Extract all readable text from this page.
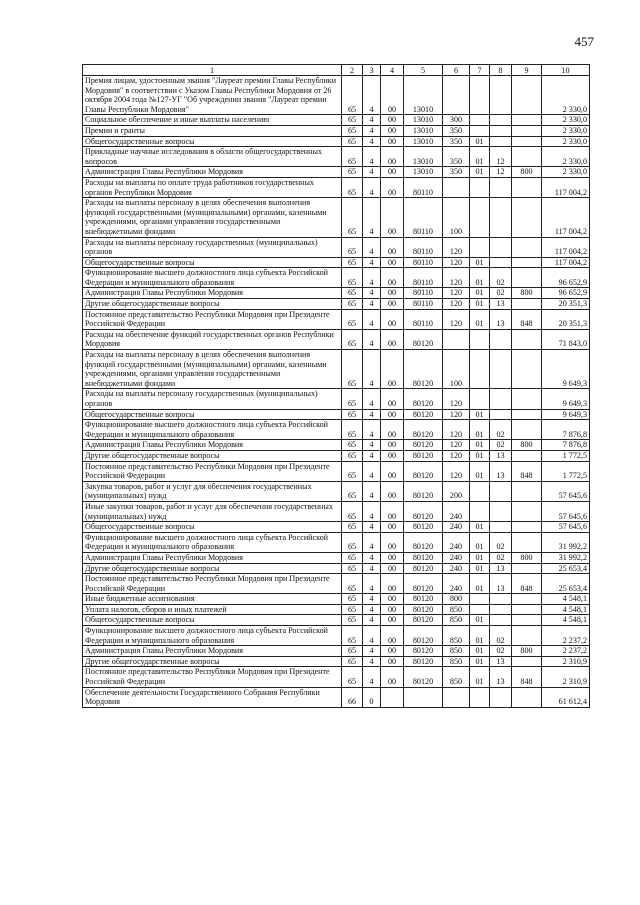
457
1	2	3	4	5	6	7	8	9	10
Премия лицам, удостоенным звания "Лауреат премии Главы Республики Мордовия" в соответствии с Указом Главы Республики Мордовия от 26 октября 2004 года №127-УГ "Об учреждении звания "Лауреат премии Главы Республики Мордовия"	65	4	00	13010					2 330,0
Социальное обеспечение и иные выплаты населению	65	4	00	13010	300				2 330,0
Премии и гранты	65	4	00	13010	350				2 330,0
Общегосударственные вопросы	65	4	00	13010	350	01			2 330,0
Прикладные научные исследования в области общегосударственных вопросов	65	4	00	13010	350	01	12		2 330,0
Администрация Главы Республики Мордовия	65	4	00	13010	350	01	12	800	2 330,0
Расходы на выплаты по оплате труда работников государственных органов Республики Мордовия	65	4	00	80110					117 004,2
Расходы на выплаты персоналу в целях обеспечения выполнения функций государственными (муниципальными) органами, казенными учреждениями, органами управления государственными внебюджетными фондами	65	4	00	80110	100				117 004,2
Расходы на выплаты персоналу государственных (муниципальных) органов	65	4	00	80110	120				117 004,2
Общегосударственные вопросы	65	4	00	80110	120	01			117 004,2
Функционирование высшего должностного лица субъекта Российской Федерации и муниципального образования	65	4	00	80110	120	01	02		96 652,9
Администрация Главы Республики Мордовия	65	4	00	80110	120	01	02	800	96 652,9
Другие общегосударственные вопросы	65	4	00	80110	120	01	13		20 351,3
Постоянное представительство Республики Мордовия при Президенте Российской Федерации	65	4	00	80110	120	01	13	848	20 351,3
Расходы на обеспечение функций государственных органов Республики Мордовия	65	4	00	80120					71 843,0
Расходы на выплаты персоналу в целях обеспечения выполнения функций государственными (муниципальными) органами, казенными учреждениями, органами управления государственными внебюджетными фондами	65	4	00	80120	100				9 649,3
Расходы на выплаты персоналу государственных (муниципальных) органов	65	4	00	80120	120				9 649,3
Общегосударственные вопросы	65	4	00	80120	120	01			9 649,3
Функционирование высшего должностного лица субъекта Российской Федерации и муниципального образования	65	4	00	80120	120	01	02		7 876,8
Администрация Главы Республики Мордовия	65	4	00	80120	120	01	02	800	7 876,8
Другие общегосударственные вопросы	65	4	00	80120	120	01	13		1 772,5
Постоянное представительство Республики Мордовия при Президенте Российской Федерации	65	4	00	80120	120	01	13	848	1 772,5
Закупка товаров, работ и услуг для обеспечения государственных (муниципальных) нужд	65	4	00	80120	200				57 645,6
Иные закупки товаров, работ и услуг для обеспечения государственных (муниципальных) нужд	65	4	00	80120	240				57 645,6
Общегосударственные вопросы	65	4	00	80120	240	01			57 645,6
Функционирование высшего должностного лица субъекта Российской Федерации и муниципального образования	65	4	00	80120	240	01	02		31 992,2
Администрация Главы Республики Мордовия	65	4	00	80120	240	01	02	800	31 992,2
Другие общегосударственные вопросы	65	4	00	80120	240	01	13		25 653,4
Постоянное представительство Республики Мордовия при Президенте Российской Федерации	65	4	00	80120	240	01	13	848	25 653,4
Иные бюджетные ассигнования	65	4	00	80120	800				4 548,1
Уплата налогов, сборов и иных платежей	65	4	00	80120	850				4 548,1
Общегосударственные вопросы	65	4	00	80120	850	01			4 548,1
Функционирование высшего должностного лица субъекта Российской Федерации и муниципального образования	65	4	00	80120	850	01	02		2 237,2
Администрация Главы Республики Мордовия	65	4	00	80120	850	01	02	800	2 237,2
Другие общегосударственные вопросы	65	4	00	80120	850	01	13		2 310,9
Постоянное представительство Республики Мордовия при Президенте Российской Федерации	65	4	00	80120	850	01	13	848	2 310,9
Обеспечение деятельности Государственного Собрания Республики Мордовия	66	0							61 612,4
